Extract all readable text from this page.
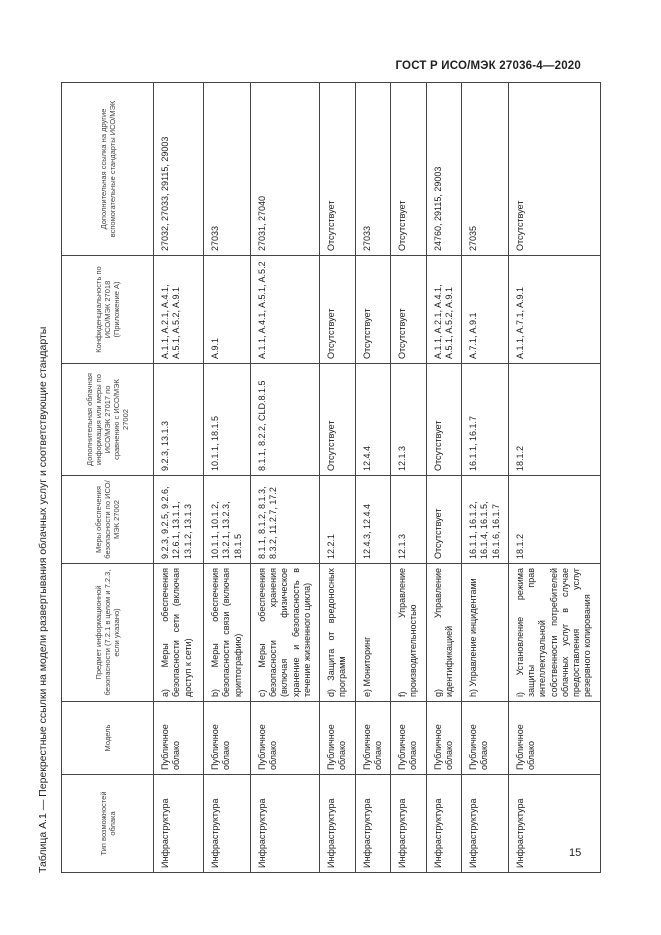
ГОСТ Р ИСО/МЭК 27036-4—2020
Таблица А.1 — Перекрестные ссылки на модели развертывания облачных услуг и соответствующие стандарты	Тип возможностей облака	Модель	Предмет информационной безопасности (7.2.1 в целом и 7.2.3, если указано)	Меры обеспечения безопасности по ИСО/МЭК 27002	Дополнительная облачная информация или меры по ИСО/МЭК 27017 по сравнению с ИСО/МЭК 27002	Конфиденциальность по ИСО/МЭК 27018 (Приложение А)	Дополнительная ссылка на другие вспомогательные стандарты ИСО/МЭК
Инфраструктура	Публичное облако	a) Меры обеспечения безопасности сети (включая доступ к сети)	9.2.3, 9.2.5, 9.2.6, 12.6.1, 13.1.1, 13.1.2, 13.1.3	9.2.3, 13.1.3	A.1.1, A.2.1, A.4.1, A.5.1, A.5.2, A.9.1	27032, 27033, 29115, 29003
Инфраструктура	Публичное облако	b) Меры обеспечения безопасности связи (включая криптографию)	10.1.1, 10.1.2, 13.2.1, 13.2.3, 18.1.5	10.1.1, 18.1.5	A.9.1	27033
Инфраструктура	Публичное облако	c) Меры обеспечения безопасности хранения (включая физическое хранение и безопасность в течение жизненного цикла)	8.1.1, 8.1.2, 8.1.3, 8.3.2, 11.2.7, 17.2	8.1.1, 8.2.2, CLD.8.1.5	A.1.1, A.4.1, A.5.1, A.5.2	27031, 27040
Инфраструктура	Публичное облако	d) Защита от вредоносных программ	12.2.1	Отсутствует	Отсутствует	Отсутствует
Инфраструктура	Публичное облако	e) Мониторинг	12.4.3, 12.4.4	12.4.4	Отсутствует	27033
Инфраструктура	Публичное облако	f) Управление производительностью	12.1.3	12.1.3	Отсутствует	Отсутствует
Инфраструктура	Публичное облако	g) Управление идентификацией	Отсутствует	Отсутствует	A.1.1, A.2.1, A.4.1, A.5.1, A.5.2, A.9.1	24760, 29115, 29003
Инфраструктура	Публичное облако	h) Управление инцидентами	16.1.1, 16.1.2, 16.1.4, 16.1.5, 16.1.6, 16.1.7	16.1.1, 16.1.7	A.7.1, A.9.1	27035
Инфраструктура	Публичное облако	i) Установление режима защиты прав интеллектуальной собственности потребителей облачных услуг в случае предоставления услуг резервного копирования	18.1.2	18.1.2	A.1.1, A.7.1, A.9.1	Отсутствует
15
